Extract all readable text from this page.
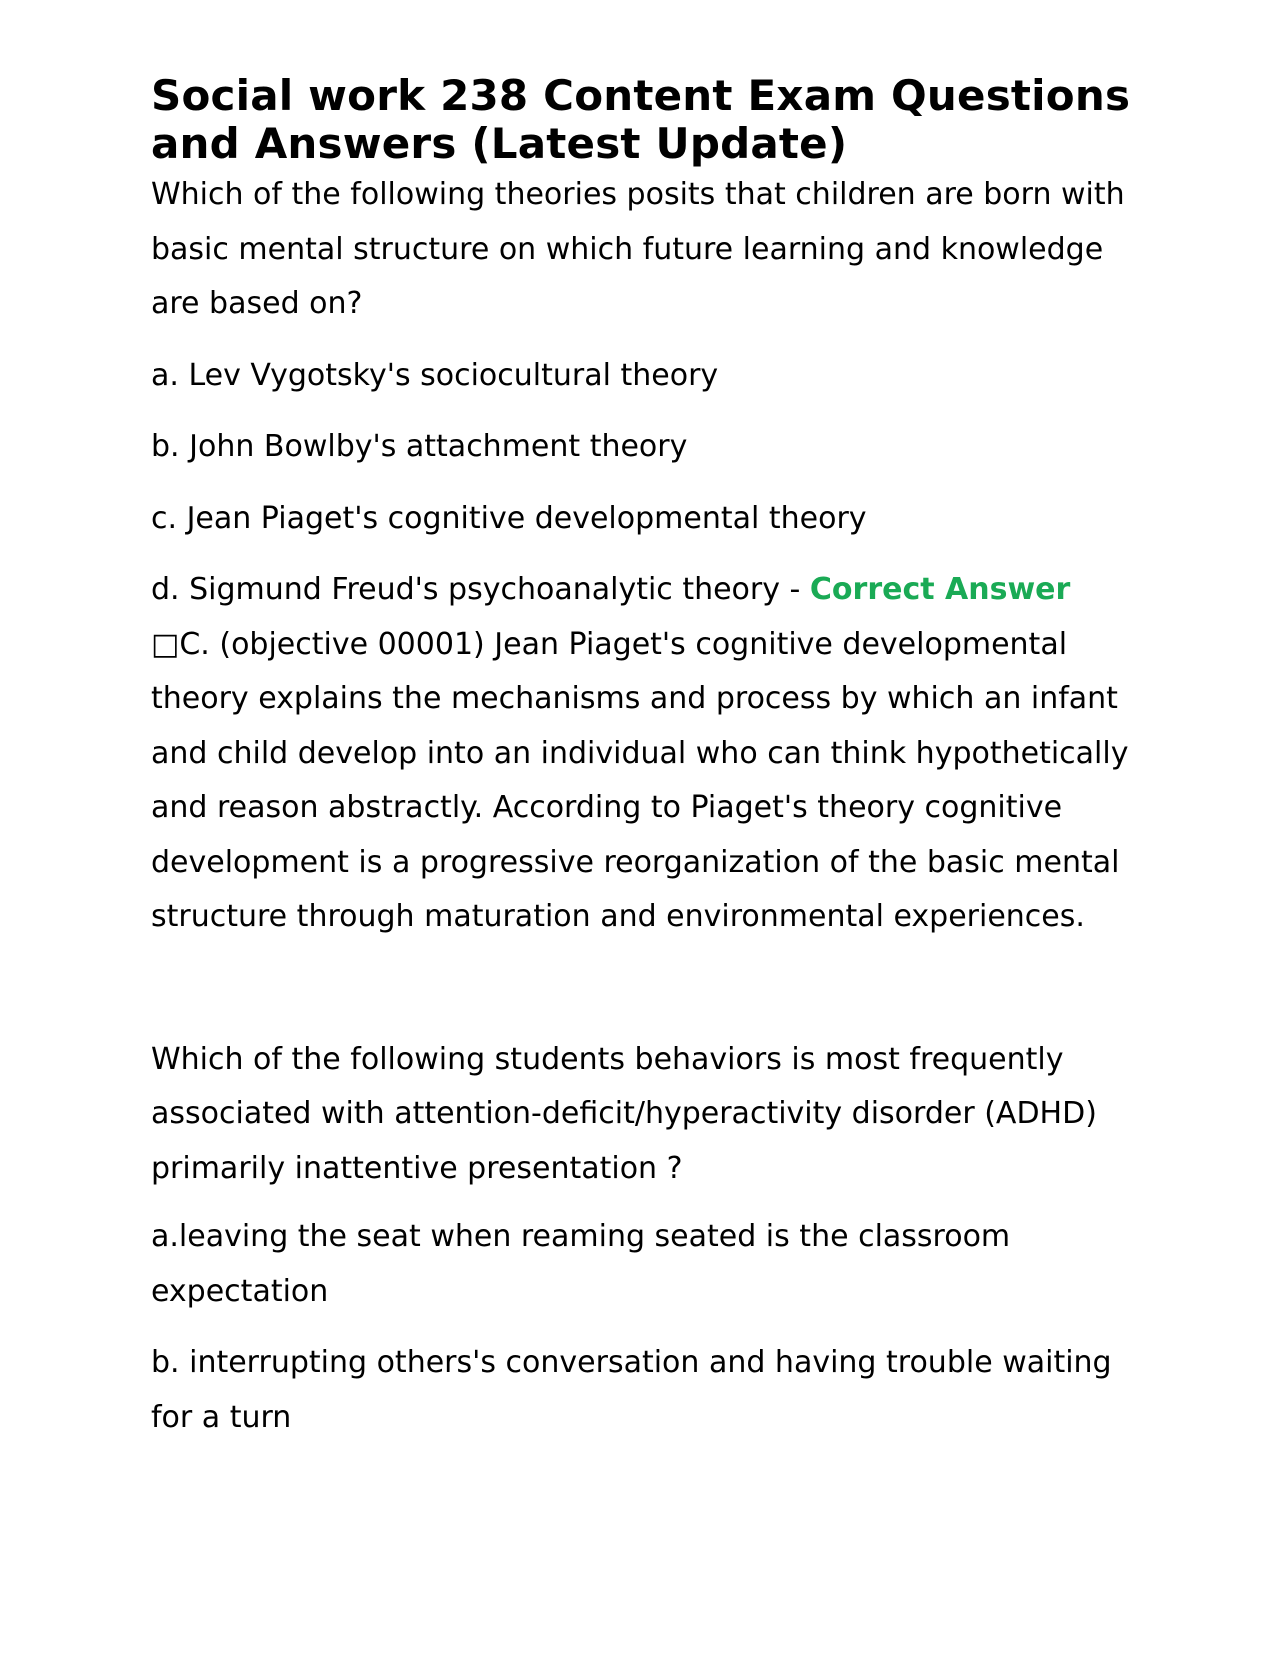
Social work 238 Content Exam Questions and Answers (Latest Update)

Which of the following theories posits that children are born with basic mental structure on which future learning and knowledge are based on?

a. Lev Vygotsky's sociocultural theory

b. John Bowlby's attachment theory

c. Jean Piaget's cognitive developmental theory

d. Sigmund Freud's psychoanalytic theory - Correct Answer

□C. (objective 00001) Jean Piaget's cognitive developmental theory explains the mechanisms and process by which an infant and child develop into an individual who can think hypothetically and reason abstractly. According to Piaget's theory cognitive development is a progressive reorganization of the basic mental structure through maturation and environmental experiences.

Which of the following students behaviors is most frequently associated with attention-deficit/hyperactivity disorder (ADHD) primarily inattentive presentation ?

a.leaving the seat when reaming seated is the classroom expectation

b. interrupting others's conversation and having trouble waiting for a turn
